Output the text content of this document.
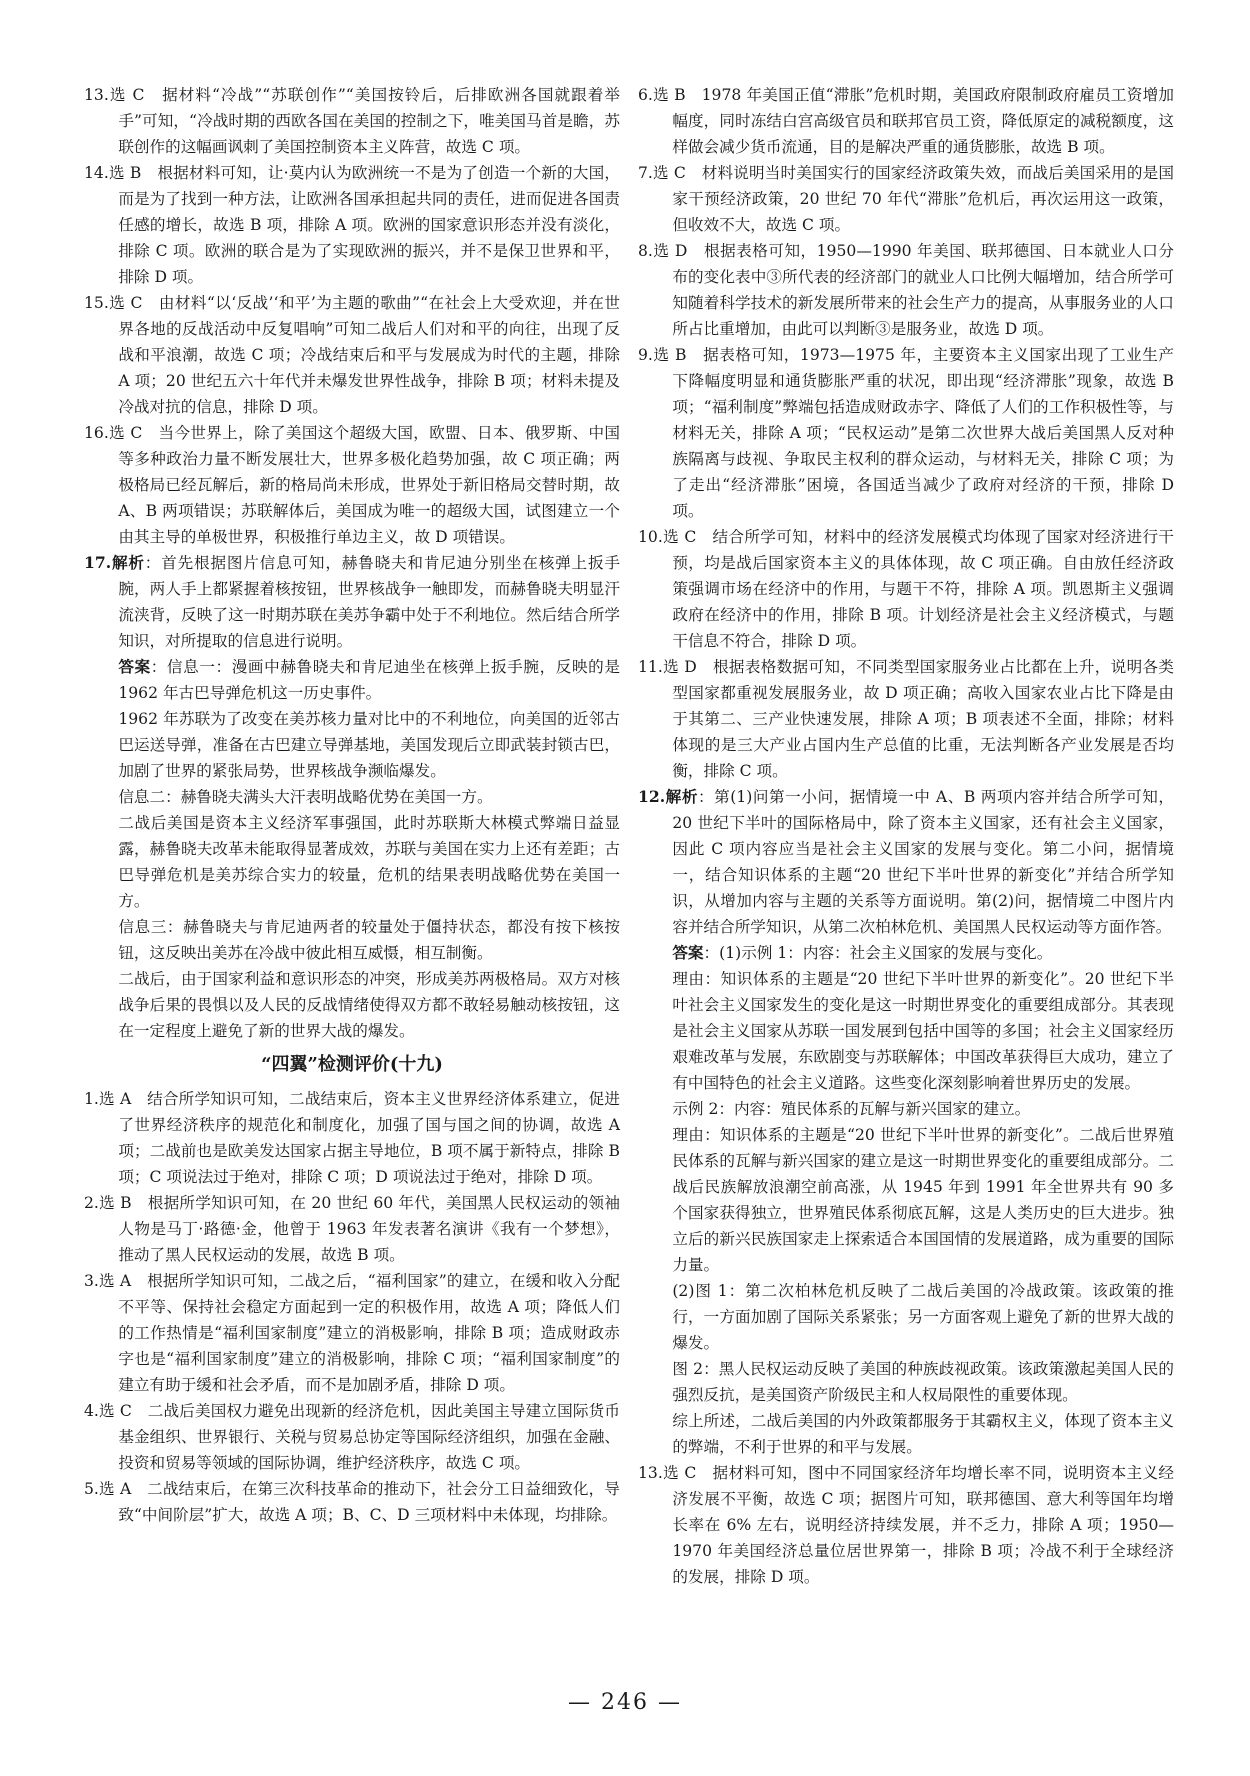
13.选 C　据材料“冷战”“苏联创作”“美国按铃后，后排欧洲各国就跟着举手”可知，“冷战时期的西欧各国在美国的控制之下，唯美国马首是瞻，苏联创作的这幅画讽刺了美国控制资本主义阵营，故选 C 项。

14.选 B　根据材料可知，让·莫内认为欧洲统一不是为了创造一个新的大国，而是为了找到一种方法，让欧洲各国承担起共同的责任，进而促进各国责任感的增长，故选 B 项，排除 A 项。欧洲的国家意识形态并没有淡化，排除 C 项。欧洲的联合是为了实现欧洲的振兴，并不是保卫世界和平，排除 D 项。

15.选 C　由材料“以‘反战’‘和平’为主题的歌曲”“在社会上大受欢迎，并在世界各地的反战活动中反复唱响”可知二战后人们对和平的向往，出现了反战和平浪潮，故选 C 项；冷战结束后和平与发展成为时代的主题，排除 A 项；20 世纪五六十年代并未爆发世界性战争，排除 B 项；材料未提及冷战对抗的信息，排除 D 项。

16.选 C　当今世界上，除了美国这个超级大国，欧盟、日本、俄罗斯、中国等多种政治力量不断发展壮大，世界多极化趋势加强，故 C 项正确；两极格局已经瓦解后，新的格局尚未形成，世界处于新旧格局交替时期，故 A、B 两项错误；苏联解体后，美国成为唯一的超级大国，试图建立一个由其主导的单极世界，积极推行单边主义，故 D 项错误。

17.解析：首先根据图片信息可知，赫鲁晓夫和肯尼迪分别坐在核弹上扳手腕，两人手上都紧握着核按钮，世界核战争一触即发，而赫鲁晓夫明显汗流浃背，反映了这一时期苏联在美苏争霸中处于不利地位。然后结合所学知识，对所提取的信息进行说明。

答案：信息一：漫画中赫鲁晓夫和肯尼迪坐在核弹上扳手腕，反映的是 1962 年古巴导弹危机这一历史事件。

1962 年苏联为了改变在美苏核力量对比中的不利地位，向美国的近邻古巴运送导弹，准备在古巴建立导弹基地，美国发现后立即武装封锁古巴，加剧了世界的紧张局势，世界核战争濒临爆发。

信息二：赫鲁晓夫满头大汗表明战略优势在美国一方。

二战后美国是资本主义经济军事强国，此时苏联斯大林模式弊端日益显露，赫鲁晓夫改革未能取得显著成效，苏联与美国在实力上还有差距；古巴导弹危机是美苏综合实力的较量，危机的结果表明战略优势在美国一方。

信息三：赫鲁晓夫与肯尼迪两者的较量处于僵持状态，都没有按下核按钮，这反映出美苏在冷战中彼此相互威慑，相互制衡。

二战后，由于国家利益和意识形态的冲突，形成美苏两极格局。双方对核战争后果的畏惧以及人民的反战情绪使得双方都不敢轻易触动核按钮，这在一定程度上避免了新的世界大战的爆发。

“四翼”检测评价(十九)

1.选 A　结合所学知识可知，二战结束后，资本主义世界经济体系建立，促进了世界经济秩序的规范化和制度化，加强了国与国之间的协调，故选 A 项；二战前也是欧美发达国家占据主导地位，B 项不属于新特点，排除 B 项；C 项说法过于绝对，排除 C 项；D 项说法过于绝对，排除 D 项。

2.选 B　根据所学知识可知，在 20 世纪 60 年代，美国黑人民权运动的领袖人物是马丁·路德·金，他曾于 1963 年发表著名演讲《我有一个梦想》，推动了黑人民权运动的发展，故选 B 项。

3.选 A　根据所学知识可知，二战之后，“福利国家”的建立，在缓和收入分配不平等、保持社会稳定方面起到一定的积极作用，故选 A 项；降低人们的工作热情是“福利国家制度”建立的消极影响，排除 B 项；造成财政赤字也是“福利国家制度”建立的消极影响，排除 C 项；“福利国家制度”的建立有助于缓和社会矛盾，而不是加剧矛盾，排除 D 项。

4.选 C　二战后美国权力避免出现新的经济危机，因此美国主导建立国际货币基金组织、世界银行、关税与贸易总协定等国际经济组织，加强在金融、投资和贸易等领域的国际协调，维护经济秩序，故选 C 项。

5.选 A　二战结束后，在第三次科技革命的推动下，社会分工日益细致化，导致“中间阶层”扩大，故选 A 项；B、C、D 三项材料中未体现，均排除。

6.选 B　1978 年美国正值“滞胀”危机时期，美国政府限制政府雇员工资增加幅度，同时冻结白宫高级官员和联邦官员工资，降低原定的减税额度，这样做会减少货币流通，目的是解决严重的通货膨胀，故选 B 项。

7.选 C　材料说明当时美国实行的国家经济政策失效，而战后美国采用的是国家干预经济政策，20 世纪 70 年代“滞胀”危机后，再次运用这一政策，但收效不大，故选 C 项。

8.选 D　根据表格可知，1950—1990 年美国、联邦德国、日本就业人口分布的变化表中③所代表的经济部门的就业人口比例大幅增加，结合所学可知随着科学技术的新发展所带来的社会生产力的提高，从事服务业的人口所占比重增加，由此可以判断③是服务业，故选 D 项。

9.选 B　据表格可知，1973—1975 年，主要资本主义国家出现了工业生产下降幅度明显和通货膨胀严重的状况，即出现“经济滞胀”现象，故选 B 项；“福利制度”弊端包括造成财政赤字、降低了人们的工作积极性等，与材料无关，排除 A 项；“民权运动”是第二次世界大战后美国黑人反对种族隔离与歧视、争取民主权利的群众运动，与材料无关，排除 C 项；为了走出“经济滞胀”困境，各国适当减少了政府对经济的干预，排除 D 项。

10.选 C　结合所学可知，材料中的经济发展模式均体现了国家对经济进行干预，均是战后国家资本主义的具体体现，故 C 项正确。自由放任经济政策强调市场在经济中的作用，与题干不符，排除 A 项。凯恩斯主义强调政府在经济中的作用，排除 B 项。计划经济是社会主义经济模式，与题干信息不符合，排除 D 项。

11.选 D　根据表格数据可知，不同类型国家服务业占比都在上升，说明各类型国家都重视发展服务业，故 D 项正确；高收入国家农业占比下降是由于其第二、三产业快速发展，排除 A 项；B 项表述不全面，排除；材料体现的是三大产业占国内生产总值的比重，无法判断各产业发展是否均衡，排除 C 项。

12.解析：第(1)问第一小问，据情境一中 A、B 两项内容并结合所学可知，20 世纪下半叶的国际格局中，除了资本主义国家，还有社会主义国家，因此 C 项内容应当是社会主义国家的发展与变化。第二小问，据情境一，结合知识体系的主题“20 世纪下半叶世界的新变化”并结合所学知识，从增加内容与主题的关系等方面说明。第(2)问，据情境二中图片内容并结合所学知识，从第二次柏林危机、美国黑人民权运动等方面作答。

答案：(1)示例 1：内容：社会主义国家的发展与变化。

理由：知识体系的主题是“20 世纪下半叶世界的新变化”。20 世纪下半叶社会主义国家发生的变化是这一时期世界变化的重要组成部分。其表现是社会主义国家从苏联一国发展到包括中国等的多国；社会主义国家经历艰难改革与发展，东欧剧变与苏联解体；中国改革获得巨大成功，建立了有中国特色的社会主义道路。这些变化深刻影响着世界历史的发展。

示例 2：内容：殖民体系的瓦解与新兴国家的建立。

理由：知识体系的主题是“20 世纪下半叶世界的新变化”。二战后世界殖民体系的瓦解与新兴国家的建立是这一时期世界变化的重要组成部分。二战后民族解放浪潮空前高涨，从 1945 年到 1991 年全世界共有 90 多个国家获得独立，世界殖民体系彻底瓦解，这是人类历史的巨大进步。独立后的新兴民族国家走上探索适合本国国情的发展道路，成为重要的国际力量。

(2)图 1：第二次柏林危机反映了二战后美国的冷战政策。该政策的推行，一方面加剧了国际关系紧张；另一方面客观上避免了新的世界大战的爆发。

图 2：黑人民权运动反映了美国的种族歧视政策。该政策激起美国人民的强烈反抗，是美国资产阶级民主和人权局限性的重要体现。

综上所述，二战后美国的内外政策都服务于其霸权主义，体现了资本主义的弊端，不利于世界的和平与发展。

13.选 C　据材料可知，图中不同国家经济年均增长率不同，说明资本主义经济发展不平衡，故选 C 项；据图片可知，联邦德国、意大利等国年均增长率在 6% 左右，说明经济持续发展，并不乏力，排除 A 项；1950—1970 年美国经济总量位居世界第一，排除 B 项；冷战不利于全球经济的发展，排除 D 项。

— 246 —
